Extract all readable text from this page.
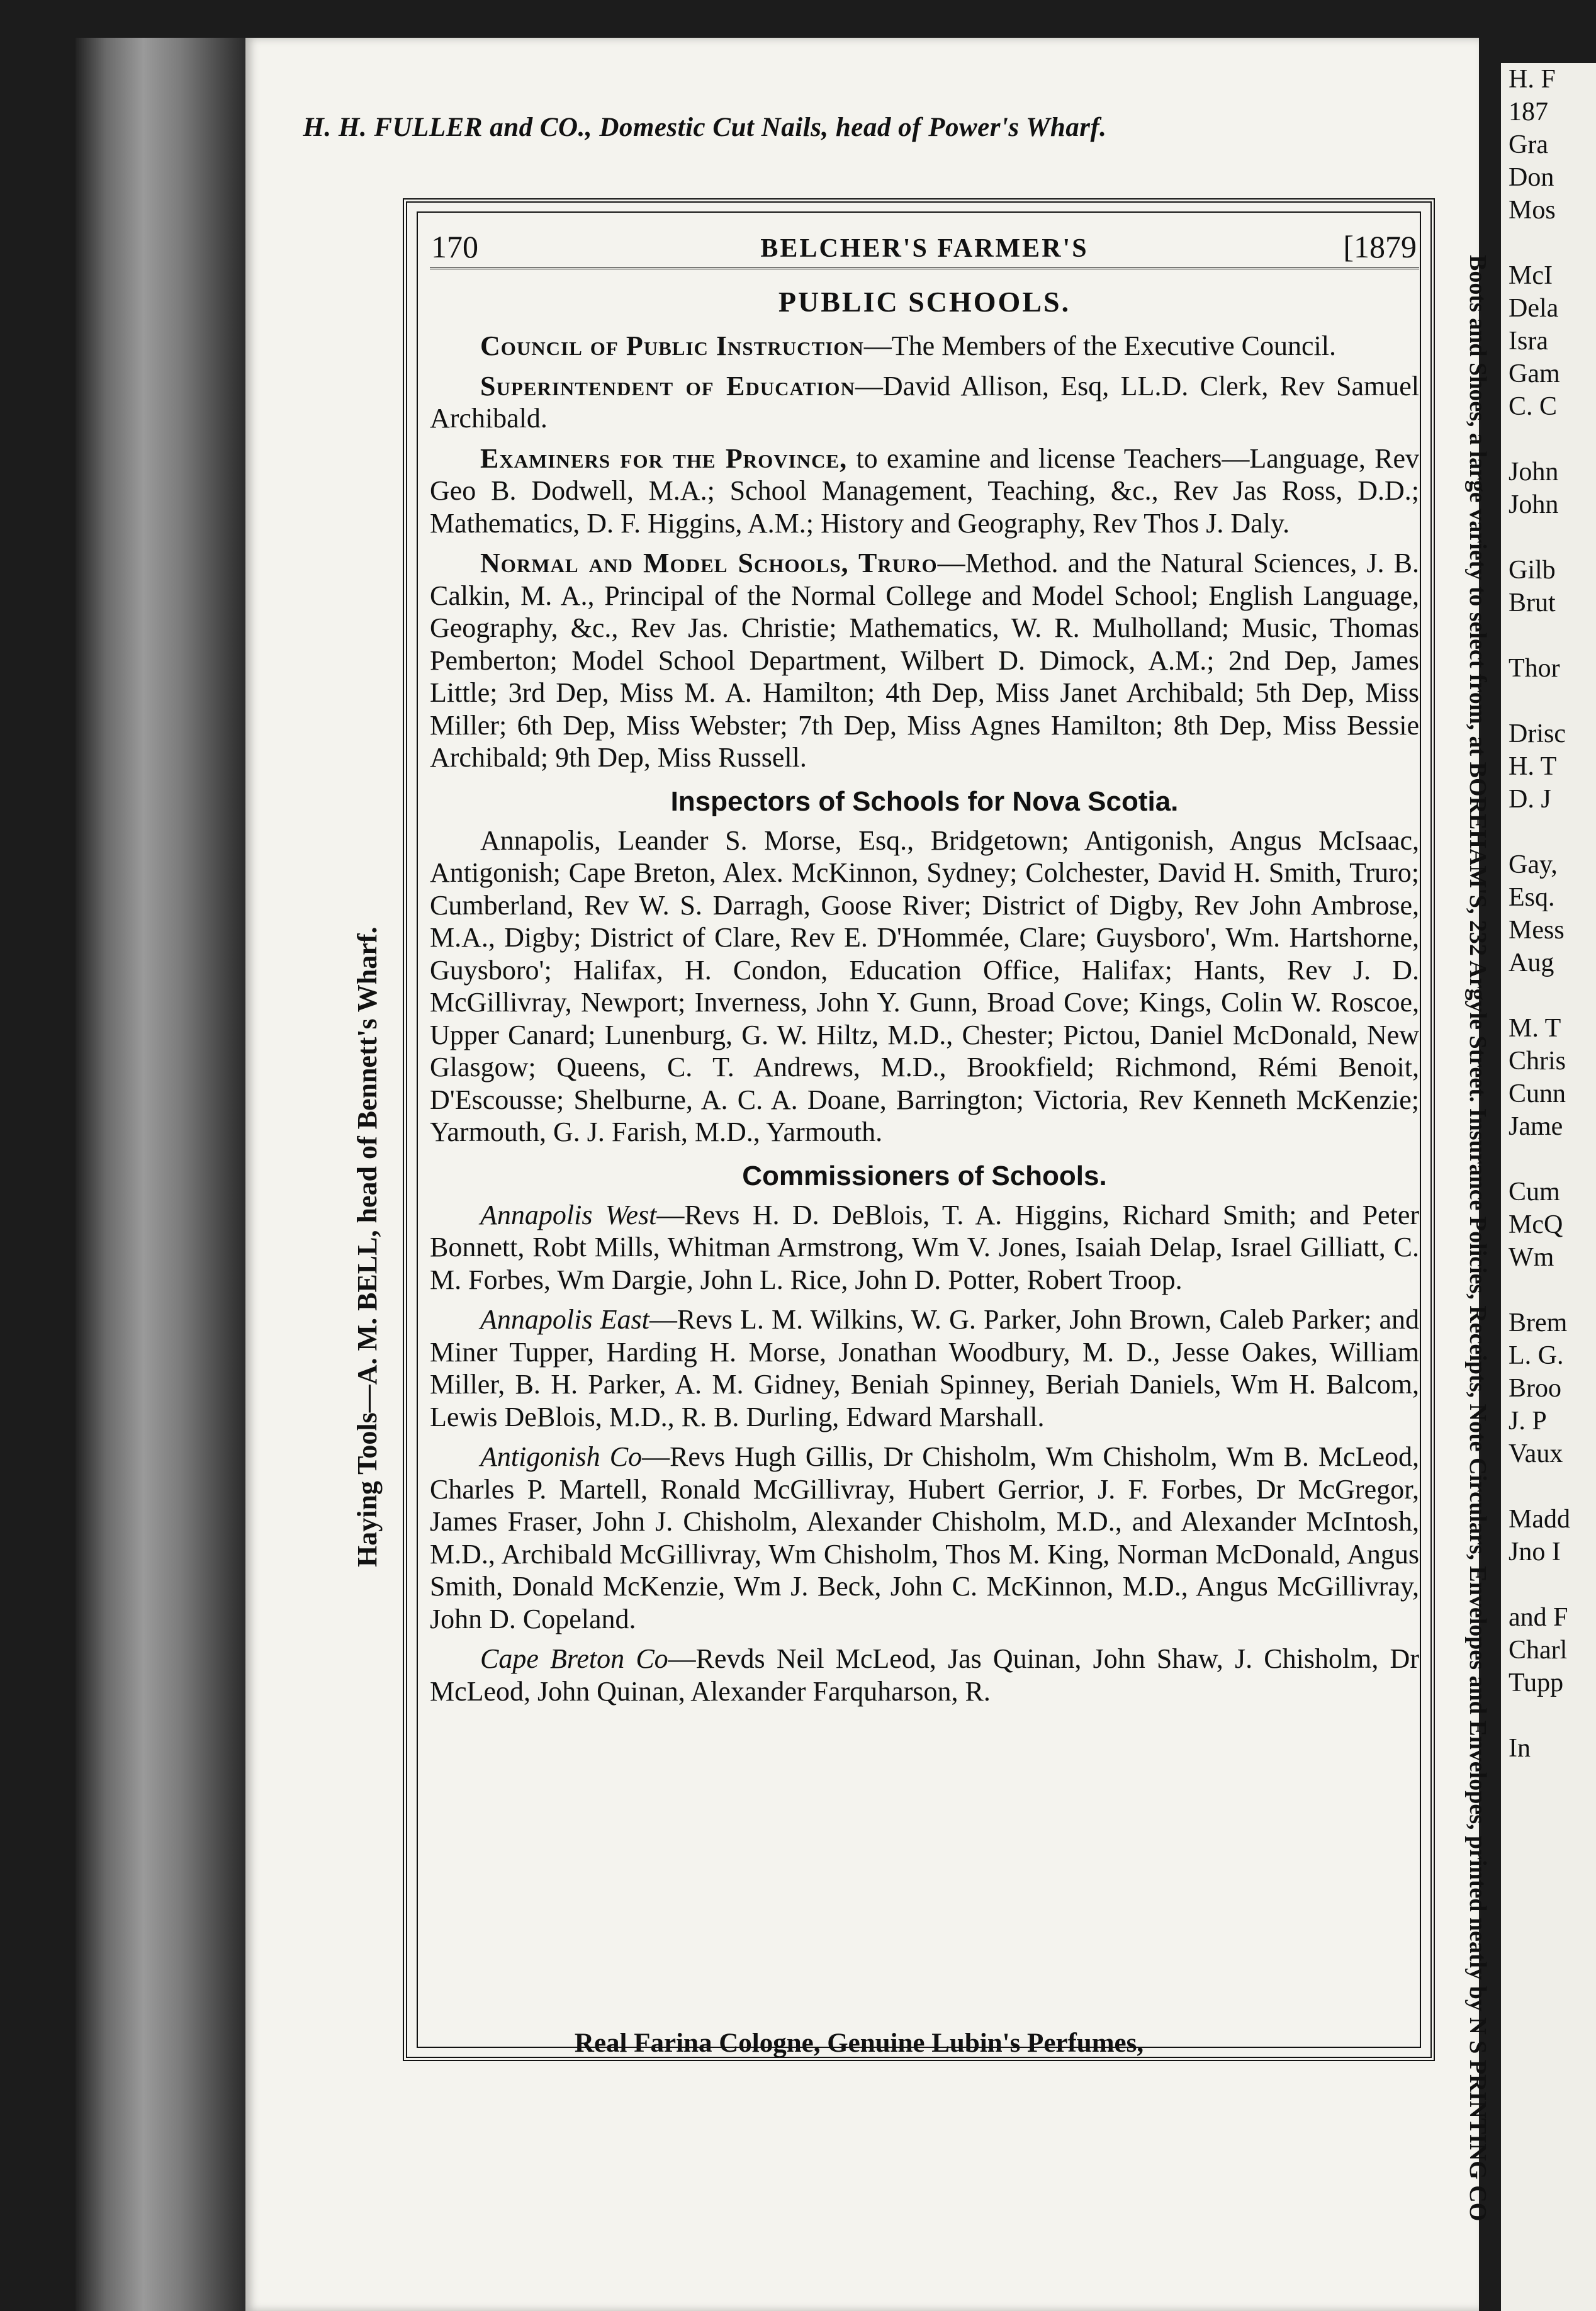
H. F
187
Gra
Don
Mos

McI
Dela
Isra
Gam
C. C

John
John

Gilb
Brut

Thor

Drisc
H. T
D. J

Gay,
Esq.
Mess
Aug

M. T
Chris
Cunn
Jame

Cum
McQ
Wm

Brem
L. G.
Broo
J. P
Vaux

Madd
Jno I

and F
Charl
Tupp

In
H. H. FULLER and CO., Domestic Cut Nails, head of Power's Wharf.
Haying Tools—A. M. BELL, head of Bennett's Wharf.	Boots and Shoes, a large variety to select from, at BOREHAM'S, 232 Argyle Street. Insurance Policies, Receipts, Note Circulars, Envelopes and Envelopes, printed neatly by N S PRINTING CO
170	BELCHER'S FARMER'S	[1879
PUBLIC SCHOOLS.

Council of Public Instruction—The Members of the Executive Council.

Superintendent of Education—David Allison, Esq, LL.D. Clerk, Rev Samuel Archibald.

Examiners for the Province, to examine and license Teachers—Language, Rev Geo B. Dodwell, M.A.; School Management, Teaching, &c., Rev Jas Ross, D.D.; Mathematics, D. F. Higgins, A.M.; History and Geography, Rev Thos J. Daly.

Normal and Model Schools, Truro—Method. and the Natural Sciences, J. B. Calkin, M. A., Principal of the Normal College and Model School; English Language, Geography, &c., Rev Jas. Christie; Mathematics, W. R. Mulholland; Music, Thomas Pemberton; Model School Department, Wilbert D. Dimock, A.M.; 2nd Dep, James Little; 3rd Dep, Miss M. A. Hamilton; 4th Dep, Miss Janet Archibald; 5th Dep, Miss Miller; 6th Dep, Miss Webster; 7th Dep, Miss Agnes Hamilton; 8th Dep, Miss Bessie Archibald; 9th Dep, Miss Russell.

Inspectors of Schools for Nova Scotia.

Annapolis, Leander S. Morse, Esq., Bridgetown; Antigonish, Angus McIsaac, Antigonish; Cape Breton, Alex. McKinnon, Sydney; Colchester, David H. Smith, Truro; Cumberland, Rev W. S. Darragh, Goose River; District of Digby, Rev John Ambrose, M.A., Digby; District of Clare, Rev E. D'Hommée, Clare; Guysboro', Wm. Hartshorne, Guysboro'; Halifax, H. Condon, Education Office, Halifax; Hants, Rev J. D. McGillivray, Newport; Inverness, John Y. Gunn, Broad Cove; Kings, Colin W. Roscoe, Upper Canard; Lunenburg, G. W. Hiltz, M.D., Chester; Pictou, Daniel McDonald, New Glasgow; Queens, C. T. Andrews, M.D., Brookfield; Richmond, Rémi Benoit, D'Escousse; Shelburne, A. C. A. Doane, Barrington; Victoria, Rev Kenneth McKenzie; Yarmouth, G. J. Farish, M.D., Yarmouth.

Commissioners of Schools.

Annapolis West—Revs H. D. DeBlois, T. A. Higgins, Richard Smith; and Peter Bonnett, Robt Mills, Whitman Armstrong, Wm V. Jones, Isaiah Delap, Israel Gilliatt, C. M. Forbes, Wm Dargie, John L. Rice, John D. Potter, Robert Troop.

Annapolis East—Revs L. M. Wilkins, W. G. Parker, John Brown, Caleb Parker; and Miner Tupper, Harding H. Morse, Jonathan Woodbury, M. D., Jesse Oakes, William Miller, B. H. Parker, A. M. Gidney, Beniah Spinney, Beriah Daniels, Wm H. Balcom, Lewis DeBlois, M.D., R. B. Durling, Edward Marshall.

Antigonish Co—Revs Hugh Gillis, Dr Chisholm, Wm Chisholm, Wm B. McLeod, Charles P. Martell, Ronald McGillivray, Hubert Gerrior, J. F. Forbes, Dr McGregor, James Fraser, John J. Chisholm, Alexander Chisholm, M.D., and Alexander McIntosh, M.D., Archibald McGillivray, Wm Chisholm, Thos M. King, Norman McDonald, Angus Smith, Donald McKenzie, Wm J. Beck, John C. McKinnon, M.D., Angus McGillivray, John D. Copeland.

Cape Breton Co—Revds Neil McLeod, Jas Quinan, John Shaw, J. Chisholm, Dr McLeod, John Quinan, Alexander Farquharson, R.

Real Farina Cologne, Genuine Lubin's Perfumes,
